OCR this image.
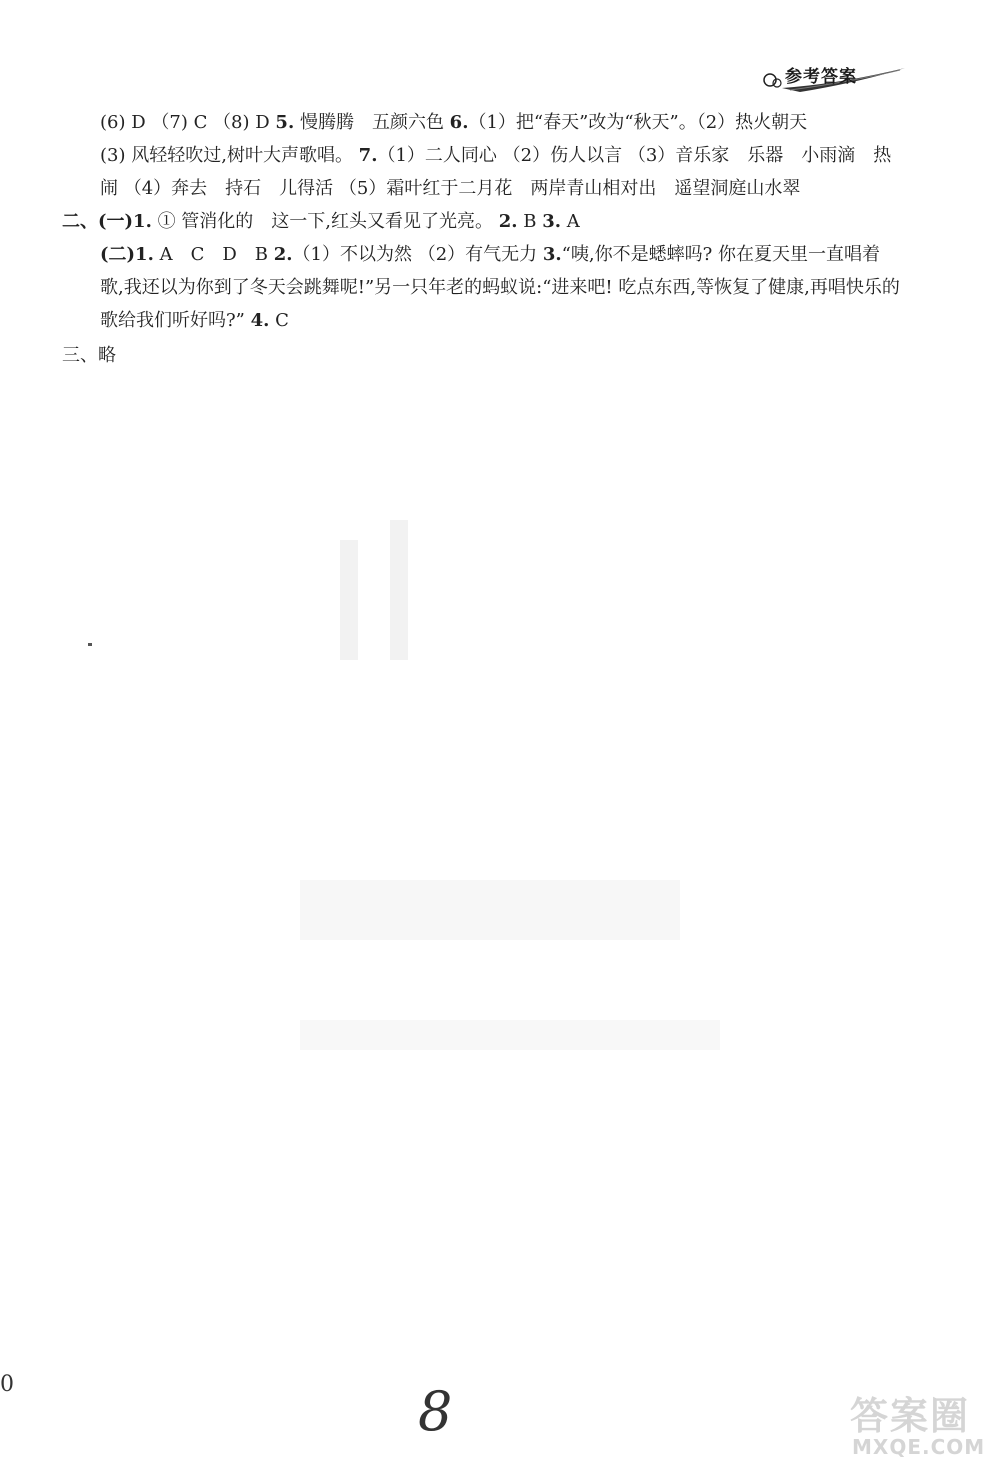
参考答案
(6) D （7) C （8) D 5. 慢腾腾　五颜六色 6.（1）把“春天”改为“秋天”。（2）热火朝天
(3) 风轻轻吹过,树叶大声歌唱。 7.（1）二人同心 （2）伤人以言 （3）音乐家　乐器　小雨滴　热
闹 （4）奔去　持石　儿得活 （5）霜叶红于二月花　两岸青山相对出　遥望洞庭山水翠
二、(一)1. ① 管消化的　这一下,红头又看见了光亮。 2. B 3. A
(二)1. A　C　D　B 2.（1）不以为然 （2）有气无力 3.“咦,你不是蟋蟀吗? 你在夏天里一直唱着
歌,我还以为你到了冬天会跳舞呢!”另一只年老的蚂蚁说:“进来吧! 吃点东西,等恢复了健康,再唱快乐的
歌给我们听好吗?” 4. C
三、略
0	8	答案圈
MXQE.COM
